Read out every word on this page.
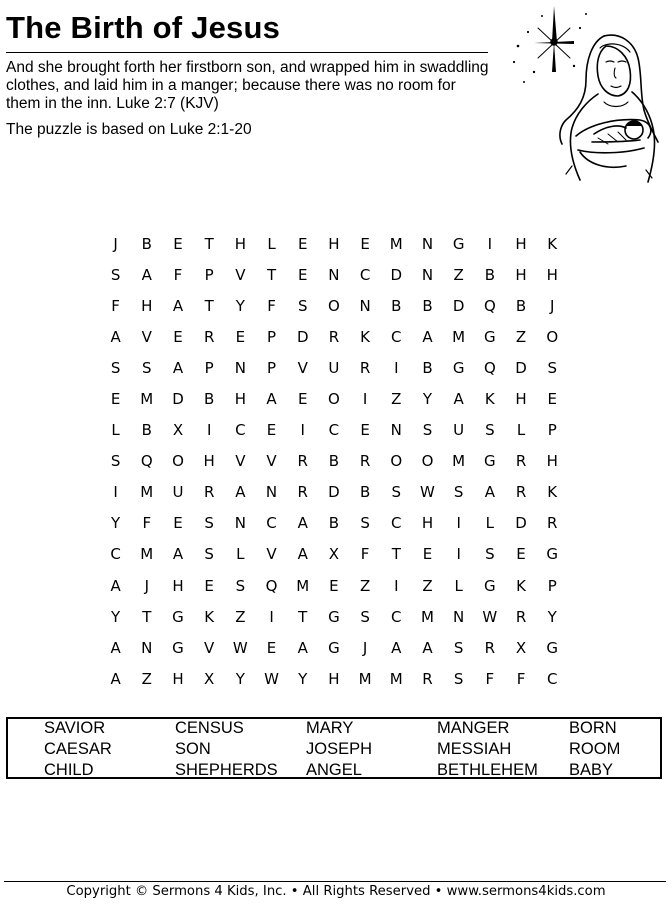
The Birth of Jesus
And she brought forth her firstborn son, and wrapped him in swaddling clothes, and laid him in a manger; because there was no room for them in the inn. Luke 2:7 (KJV)
The puzzle is based on Luke 2:1-20
J	B	E	T	H	L	E	H	E	M	N	G	I	H	K
S	A	F	P	V	T	E	N	C	D	N	Z	B	H	H
F	H	A	T	Y	F	S	O	N	B	B	D	Q	B	J
A	V	E	R	E	P	D	R	K	C	A	M	G	Z	O
S	S	A	P	N	P	V	U	R	I	B	G	Q	D	S
E	M	D	B	H	A	E	O	I	Z	Y	A	K	H	E
L	B	X	I	C	E	I	C	E	N	S	U	S	L	P
S	Q	O	H	V	V	R	B	R	O	O	M	G	R	H
I	M	U	R	A	N	R	D	B	S	W	S	A	R	K
Y	F	E	S	N	C	A	B	S	C	H	I	L	D	R
C	M	A	S	L	V	A	X	F	T	E	I	S	E	G
A	J	H	E	S	Q	M	E	Z	I	Z	L	G	K	P
Y	T	G	K	Z	I	T	G	S	C	M	N	W	R	Y
A	N	G	V	W	E	A	G	J	A	A	S	R	X	G
A	Z	H	X	Y	W	Y	H	M	M	R	S	F	F	C
SAVIOR	CENSUS	MARY	MANGER	BORN
CAESAR	SON	JOSEPH	MESSIAH	ROOM
CHILD	SHEPHERDS ANGEL	BETHLEHEM BABY
Copyright © Sermons 4 Kids, Inc. • All Rights Reserved • www.sermons4kids.com
